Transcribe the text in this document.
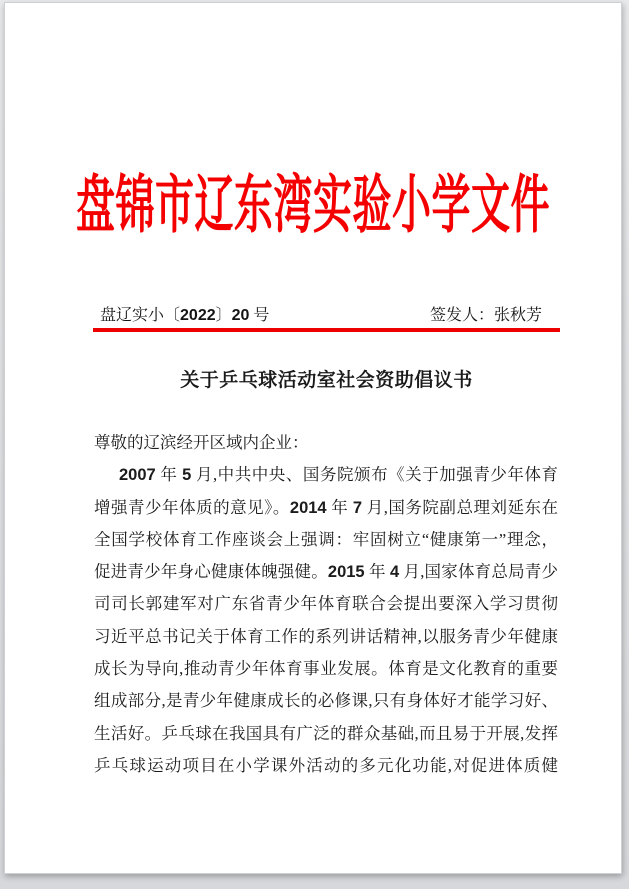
盘锦市辽东湾实验小学文件
盘辽实小〔2022〕20 号	签发人：张秋芳
关于乒乓球活动室社会资助倡议书
尊敬的辽滨经开区域内企业：
2007 年 5 月,中共中央、国务院颁布《关于加强青少年体育
增强青少年体质的意见》。2014 年 7 月,国务院副总理刘延东在
全国学校体育工作座谈会上强调：牢固树立“健康第一”理念，
促进青少年身心健康体魄强健。2015 年 4 月,国家体育总局青少
司司长郭建军对广东省青少年体育联合会提出要深入学习贯彻
习近平总书记关于体育工作的系列讲话精神,以服务青少年健康
成长为导向,推动青少年体育事业发展。体育是文化教育的重要
组成部分,是青少年健康成长的必修课,只有身体好才能学习好、
生活好。乒乓球在我国具有广泛的群众基础,而且易于开展,发挥
乒乓球运动项目在小学课外活动的多元化功能,对促进体质健
